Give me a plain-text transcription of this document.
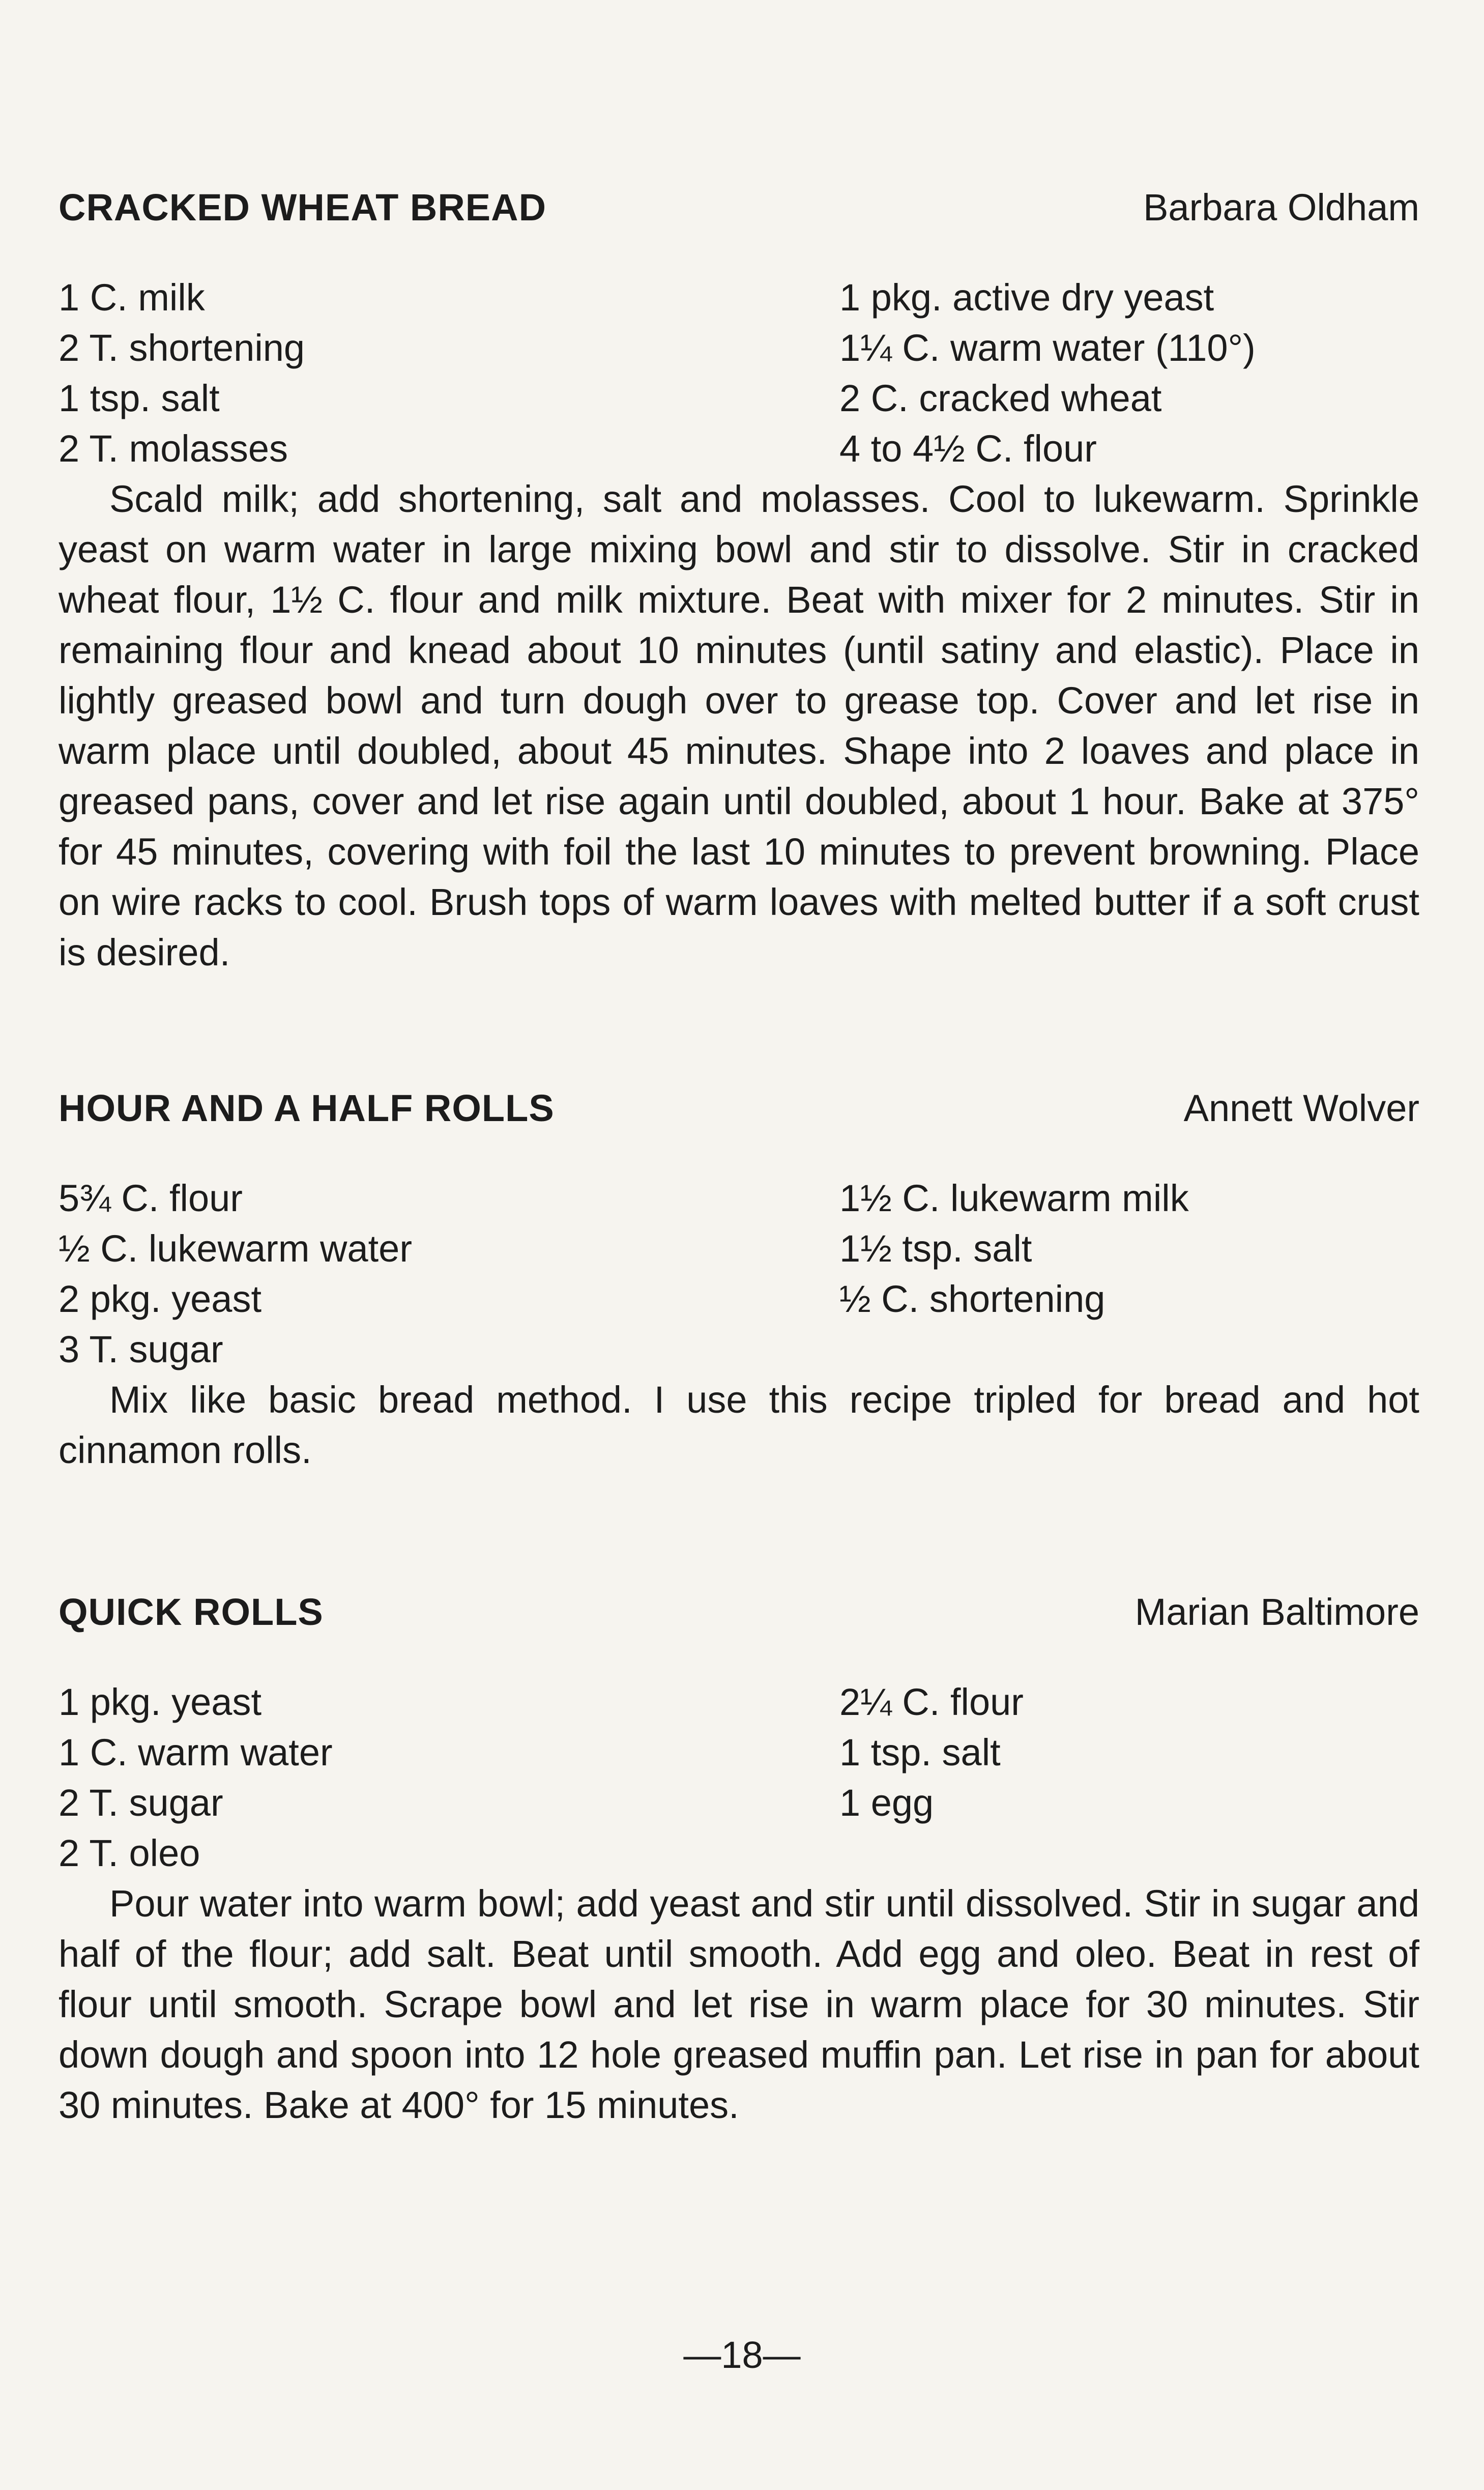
CRACKED WHEAT BREAD	Barbara Oldham
1 C. milk
2 T. shortening
1 tsp. salt
2 T. molasses
1 pkg. active dry yeast
1¼ C. warm water (110°)
2 C. cracked wheat
4 to 4½ C. flour

Scald milk; add shortening, salt and molasses. Cool to lukewarm. Sprinkle yeast on warm water in large mixing bowl and stir to dissolve. Stir in cracked wheat flour, 1½ C. flour and milk mixture. Beat with mixer for 2 minutes. Stir in remaining flour and knead about 10 minutes (until satiny and elastic). Place in lightly greased bowl and turn dough over to grease top. Cover and let rise in warm place until doubled, about 45 minutes. Shape into 2 loaves and place in greased pans, cover and let rise again until doubled, about 1 hour. Bake at 375° for 45 minutes, covering with foil the last 10 minutes to prevent browning. Place on wire racks to cool. Brush tops of warm loaves with melted butter if a soft crust is desired.

HOUR AND A HALF ROLLS	Annett Wolver
5¾ C. flour
½ C. lukewarm water
2 pkg. yeast
3 T. sugar
1½ C. lukewarm milk
1½ tsp. salt
½ C. shortening

Mix like basic bread method. I use this recipe tripled for bread and hot cinnamon rolls.

QUICK ROLLS	Marian Baltimore
1 pkg. yeast
1 C. warm water
2 T. sugar
2 T. oleo
2¼ C. flour
1 tsp. salt
1 egg

Pour water into warm bowl; add yeast and stir until dissolved. Stir in sugar and half of the flour; add salt. Beat until smooth. Add egg and oleo. Beat in rest of flour until smooth. Scrape bowl and let rise in warm place for 30 minutes. Stir down dough and spoon into 12 hole greased muffin pan. Let rise in pan for about 30 minutes. Bake at 400° for 15 minutes.

—18—
